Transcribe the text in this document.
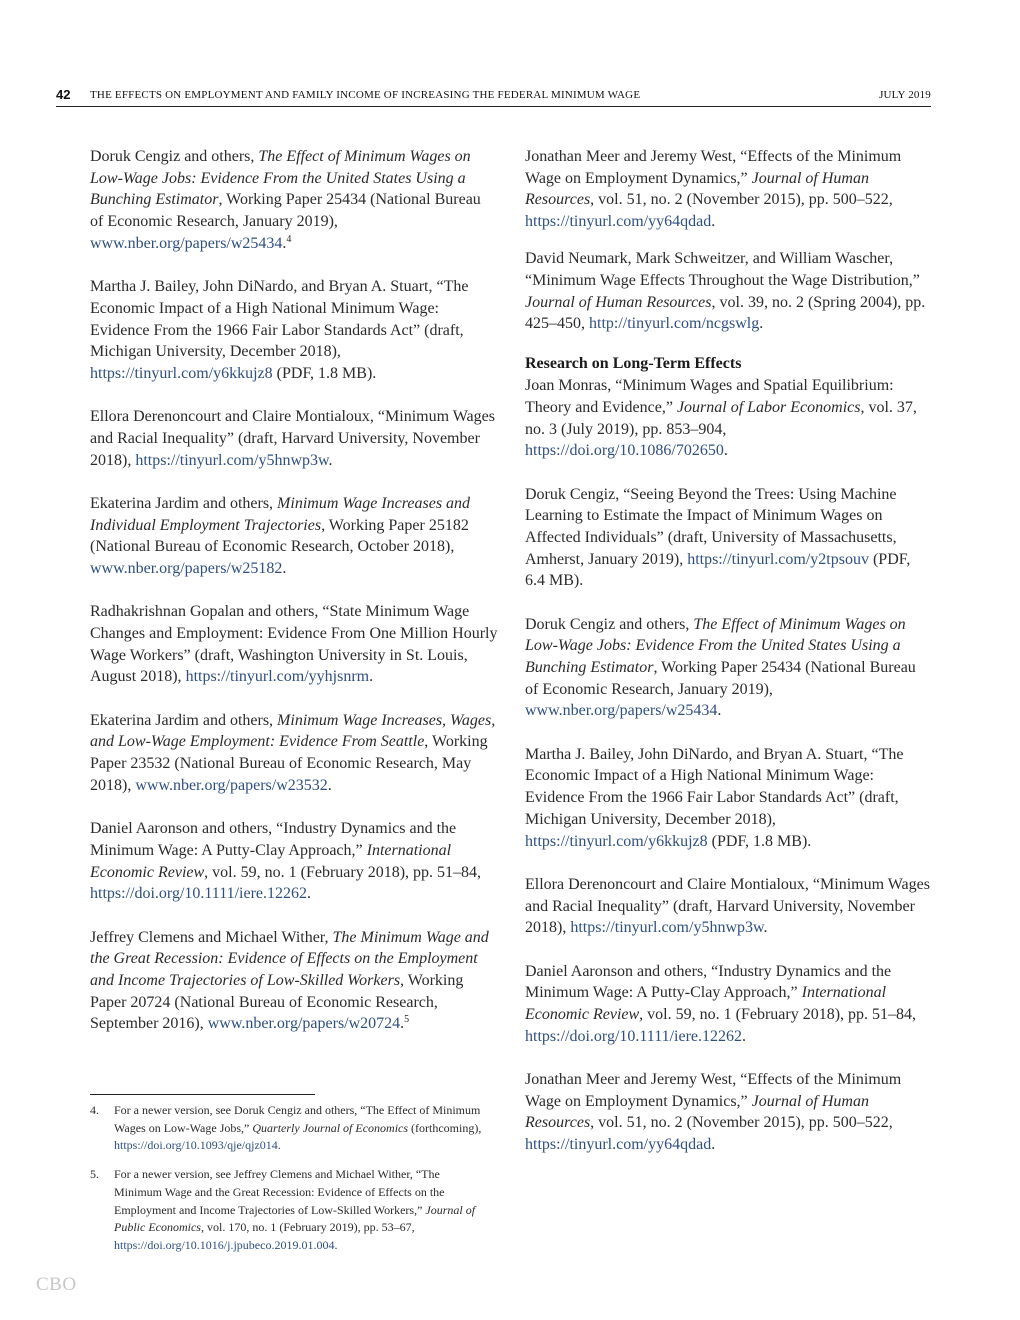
42 THE EFFECTS ON EMPLOYMENT AND FAMILY INCOME OF INCREASING THE FEDERAL MINIMUM WAGE	JULY 2019

Doruk Cengiz and others, The Effect of Minimum Wages on Low-Wage Jobs: Evidence From the United States Using a Bunching Estimator, Working Paper 25434 (National Bureau of Economic Research, January 2019), www.nber.org/papers/w25434.$^4$

Martha J. Bailey, John DiNardo, and Bryan A. Stuart, “The Economic Impact of a High National Minimum Wage: Evidence From the 1966 Fair Labor Standards Act” (draft, Michigan University, December 2018), https://tinyurl.com/y6kkujz8 (PDF, 1.8 MB).

Ellora Derenoncourt and Claire Montialoux, “Minimum Wages and Racial Inequality” (draft, Harvard University, November 2018), https://tinyurl.com/y5hnwp3w.

Ekaterina Jardim and others, Minimum Wage Increases and Individual Employment Trajectories, Working Paper 25182 (National Bureau of Economic Research, October 2018), www.nber.org/papers/w25182.

Radhakrishnan Gopalan and others, “State Minimum Wage Changes and Employment: Evidence From One Million Hourly Wage Workers” (draft, Washington University in St. Louis, August 2018), https://tinyurl.com/yyhjsnrm.

Ekaterina Jardim and others, Minimum Wage Increases, Wages, and Low-Wage Employment: Evidence From Seattle, Working Paper 23532 (National Bureau of Economic Research, May 2018), www.nber.org/papers/w23532.

Daniel Aaronson and others, “Industry Dynamics and the Minimum Wage: A Putty-Clay Approach,” International Economic Review, vol. 59, no. 1 (February 2018), pp. 51–84, https://doi.org/10.1111/iere.12262.

Jeffrey Clemens and Michael Wither, The Minimum Wage and the Great Recession: Evidence of Effects on the Employment and Income Trajectories of Low-Skilled Workers, Working Paper 20724 (National Bureau of Economic Research, September 2016), www.nber.org/papers/w20724.$^5$

Jonathan Meer and Jeremy West, “Effects of the Minimum Wage on Employment Dynamics,” Journal of Human Resources, vol. 51, no. 2 (November 2015), pp. 500–522, https://tinyurl.com/yy64qdad.

David Neumark, Mark Schweitzer, and William Wascher, “Minimum Wage Effects Throughout the Wage Distribution,” Journal of Human Resources, vol. 39, no. 2 (Spring 2004), pp. 425–450, http://tinyurl.com/ncgswlg.

Research on Long-Term Effects

Joan Monras, “Minimum Wages and Spatial Equilibrium: Theory and Evidence,” Journal of Labor Economics, vol. 37, no. 3 (July 2019), pp. 853–904, https://doi.org/10.1086/702650.

Doruk Cengiz, “Seeing Beyond the Trees: Using Machine Learning to Estimate the Impact of Minimum Wages on Affected Individuals” (draft, University of Massachusetts, Amherst, January 2019), https://tinyurl.com/y2tpsouv (PDF, 6.4 MB).

Doruk Cengiz and others, The Effect of Minimum Wages on Low-Wage Jobs: Evidence From the United States Using a Bunching Estimator, Working Paper 25434 (National Bureau of Economic Research, January 2019), www.nber.org/papers/w25434.

Martha J. Bailey, John DiNardo, and Bryan A. Stuart, “The Economic Impact of a High National Minimum Wage: Evidence From the 1966 Fair Labor Standards Act” (draft, Michigan University, December 2018), https://tinyurl.com/y6kkujz8 (PDF, 1.8 MB).

Ellora Derenoncourt and Claire Montialoux, “Minimum Wages and Racial Inequality” (draft, Harvard University, November 2018), https://tinyurl.com/y5hnwp3w.

Daniel Aaronson and others, “Industry Dynamics and the Minimum Wage: A Putty-Clay Approach,” International Economic Review, vol. 59, no. 1 (February 2018), pp. 51–84, https://doi.org/10.1111/iere.12262.

Jonathan Meer and Jeremy West, “Effects of the Minimum Wage on Employment Dynamics,” Journal of Human Resources, vol. 51, no. 2 (November 2015), pp. 500–522, https://tinyurl.com/yy64qdad.

4. For a newer version, see Doruk Cengiz and others, “The Effect of Minimum Wages on Low-Wage Jobs,” Quarterly Journal of Economics (forthcoming), https://doi.org/10.1093/qje/qjz014.

5. For a newer version, see Jeffrey Clemens and Michael Wither, “The Minimum Wage and the Great Recession: Evidence of Effects on the Employment and Income Trajectories of Low-Skilled Workers,” Journal of Public Economics, vol. 170, no. 1 (February 2019), pp. 53–67, https://doi.org/10.1016/j.jpubeco.2019.01.004.

CBO
